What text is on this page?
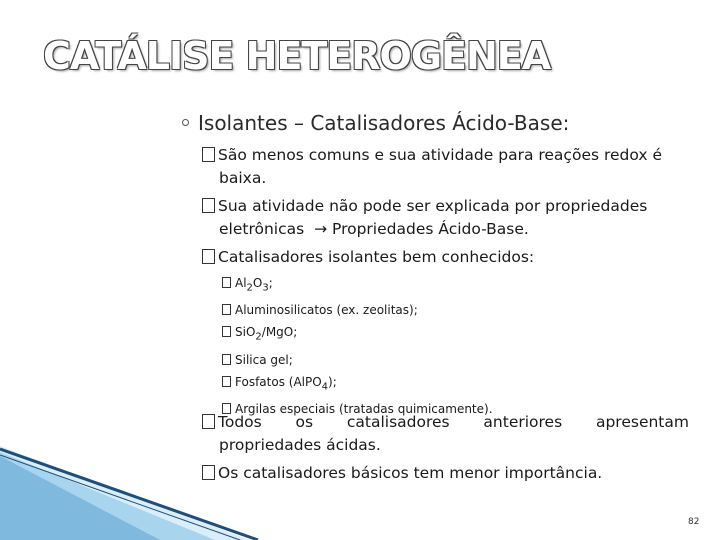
CATÁLISE HETEROGÊNEA
Isolantes – Catalisadores Ácido-Base:
São menos comuns e sua atividade para reações redox é
baixa.
Sua atividade não pode ser explicada por propriedades
eletrônicas → Propriedades Ácido-Base.
Catalisadores isolantes bem conhecidos:
$Al_2O_3$;
Aluminosilicatos (ex. zeolitas);
SiO$_2$/MgO;
Silica gel;
Fosfatos (AlPO$_4$);
Argilas especiais (tratadas quimicamente).
Todos os catalisadores anteriores apresentam
propriedades ácidas.
Os catalisadores básicos tem menor importância.
82
